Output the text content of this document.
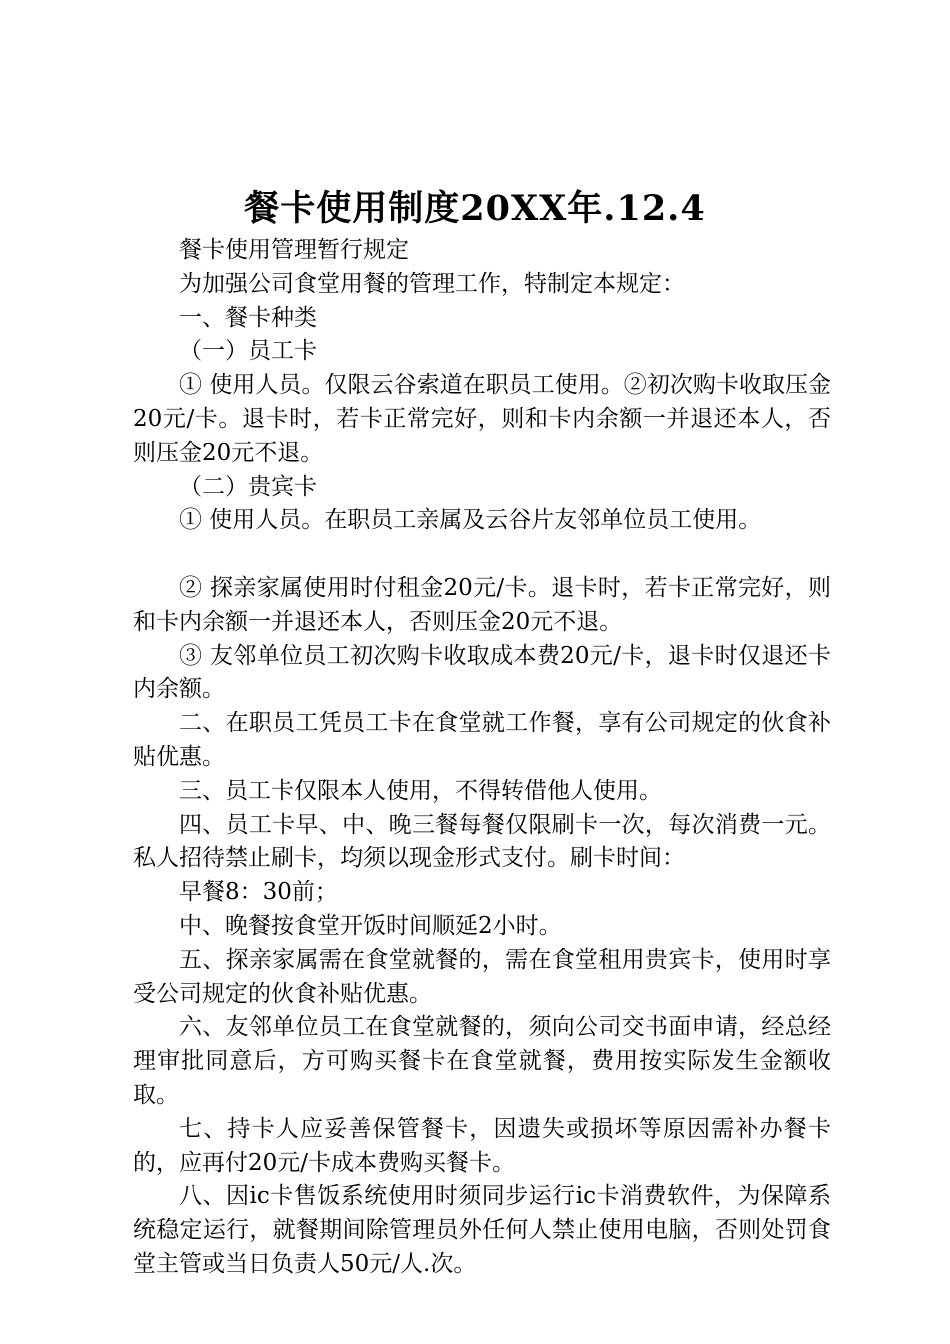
餐卡使用制度20XX年.12.4

餐卡使用管理暂行规定

为加强公司食堂用餐的管理工作，特制定本规定：

一、餐卡种类

（一）员工卡

① 使用人员。仅限云谷索道在职员工使用。②初次购卡收取压金20元/卡。退卡时，若卡正常完好，则和卡内余额一并退还本人，否则压金20元不退。

（二）贵宾卡

① 使用人员。在职员工亲属及云谷片友邻单位员工使用。

② 探亲家属使用时付租金20元/卡。退卡时，若卡正常完好，则和卡内余额一并退还本人，否则压金20元不退。

③ 友邻单位员工初次购卡收取成本费20元/卡，退卡时仅退还卡内余额。

二、在职员工凭员工卡在食堂就工作餐，享有公司规定的伙食补贴优惠。

三、员工卡仅限本人使用，不得转借他人使用。

四、员工卡早、中、晚三餐每餐仅限刷卡一次，每次消费一元。私人招待禁止刷卡，均须以现金形式支付。刷卡时间：

早餐8：30前；

中、晚餐按食堂开饭时间顺延2小时。

五、探亲家属需在食堂就餐的，需在食堂租用贵宾卡，使用时享受公司规定的伙食补贴优惠。

六、友邻单位员工在食堂就餐的，须向公司交书面申请，经总经理审批同意后，方可购买餐卡在食堂就餐，费用按实际发生金额收取。

七、持卡人应妥善保管餐卡，因遗失或损坏等原因需补办餐卡的，应再付20元/卡成本费购买餐卡。

八、因ic卡售饭系统使用时须同步运行ic卡消费软件，为保障系统稳定运行，就餐期间除管理员外任何人禁止使用电脑，否则处罚食堂主管或当日负责人50元/人.次。
